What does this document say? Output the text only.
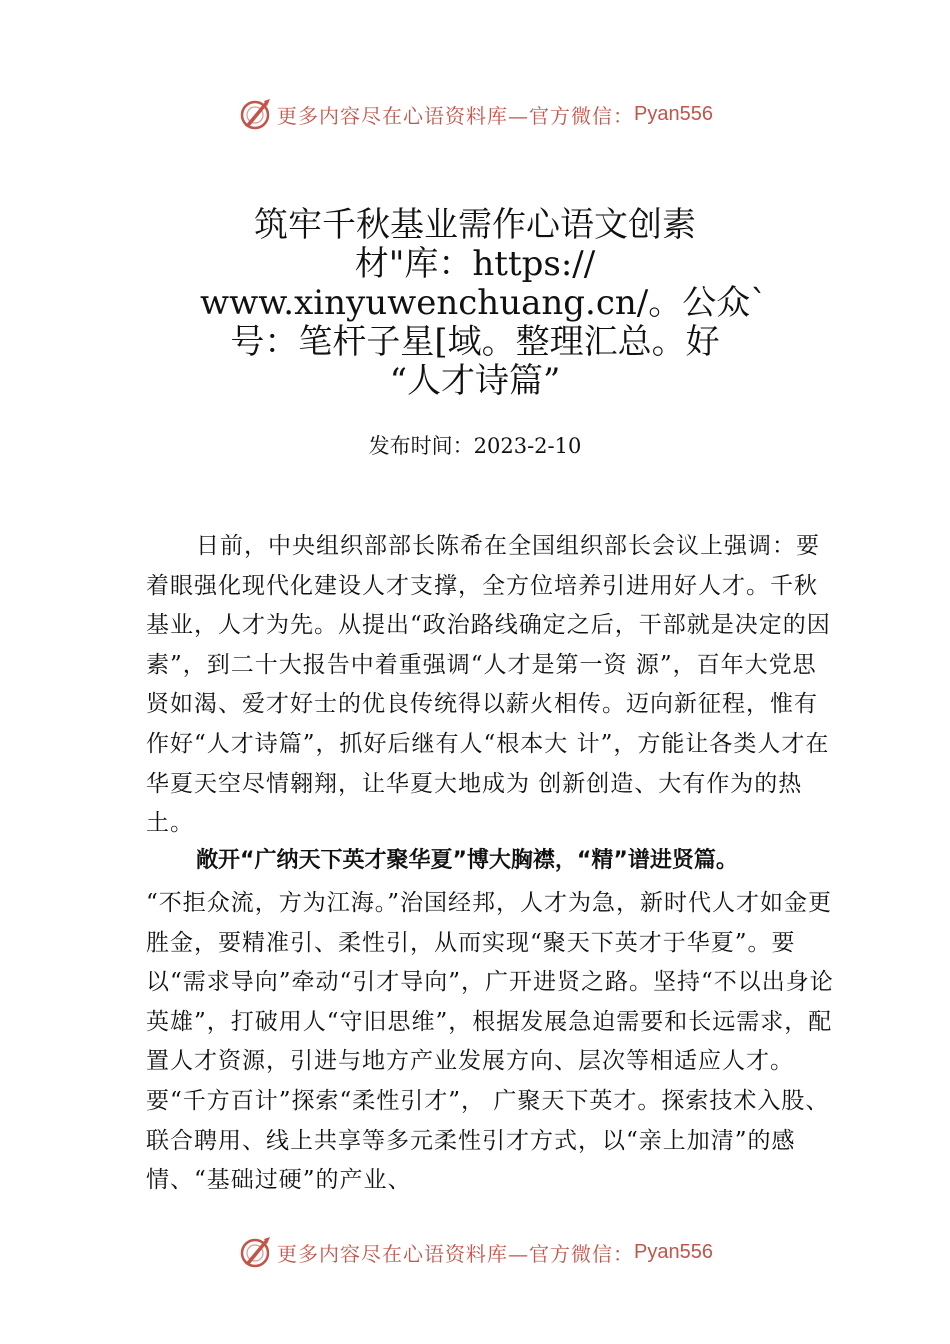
更多内容尽在心语资料库—官方微信： Pyan556
筑牢千秋基业需作心语文创素
材"库：https://
www.xinyuwenchuang.cn/。公众`
号：笔杆子星[域。整理汇总。好
“人才诗篇”
发布时间：2023-2-10
日前，中央组织部部长陈希在全国组织部长会议上强调：要着眼强化现代化建设人才支撑，全方位培养引进用好人才。千秋基业，人才为先。从提出“政治路线确定之后，干部就是决定的因素”，到二十大报告中着重强调“人才是第一资 源”，百年大党思贤如渴、爱才好士的优良传统得以薪火相传。迈向新征程，惟有作好“人才诗篇”，抓好后继有人“根本大 计”，方能让各类人才在华夏天空尽情翱翔，让华夏大地成为 创新创造、大有作为的热土。
敞开“广纳天下英才聚华夏”博大胸襟，“精”谱进贤篇。
“不拒众流，方为江海。”治国经邦，人才为急，新时代人才如金更胜金，要精准引、柔性引，从而实现“聚天下英才于华夏”。要以“需求导向”牵动“引才导向”，广开进贤之路。坚持“不以出身论英雄”，打破用人“守旧思维”，根据发展急迫需要和长远需求，配置人才资源，引进与地方产业发展方向、层次等相适应人才。要“千方百计”探索“柔性引才”， 广聚天下英才。探索技术入股、联合聘用、线上共享等多元柔性引才方式，以“亲上加清”的感情、“基础过硬”的产业、
更多内容尽在心语资料库—官方微信： Pyan556
